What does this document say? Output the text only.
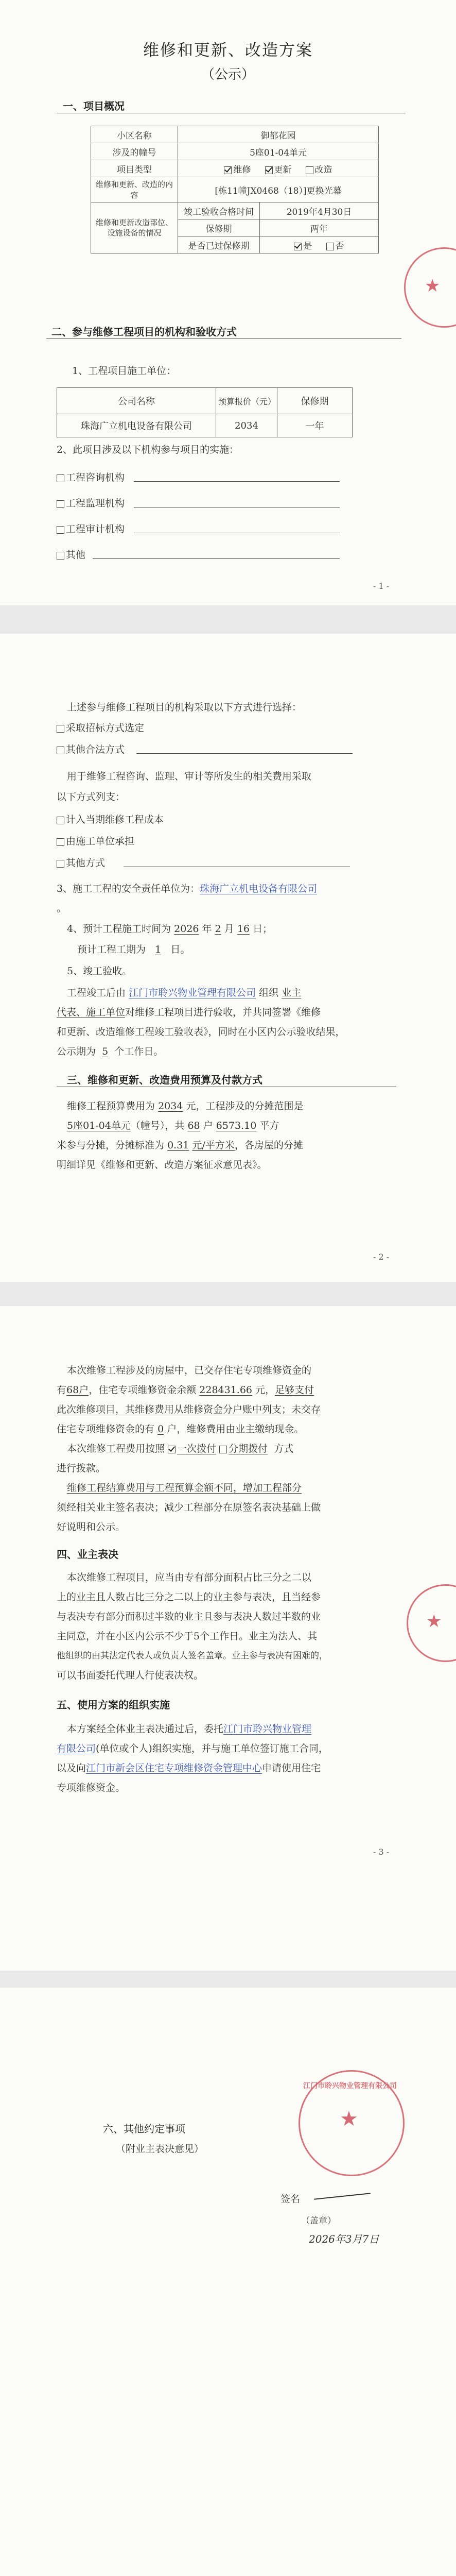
维修和更新、改造方案
（公示）
一、项目概况
小区名称	御都花园	
涉及的幢号	5座01-04单元	
项目类型	维修 更新 改造	
维修和更新、改造的内容	[栋11幢JX0468（18）]更换光幕	
维修和更新改造部位、设施设备的情况	竣工验收合格时间	2019年4月30日
	保修期	两年
	是否已过保修期	是 否
★
二、参与维修工程项目的机构和验收方式
1、工程项目施工单位：
公司名称	预算报价（元）	保修期
珠海广立机电设备有限公司	2034	一年
2、此项目涉及以下机构参与项目的实施：
工程咨询机构
工程监理机构
工程审计机构
其他
- 1 -
上述参与维修工程项目的机构采取以下方式进行选择：
采取招标方式选定
其他合法方式
用于维修工程咨询、监理、审计等所发生的相关费用采取
以下方式列支：
计入当期维修工程成本
由施工单位承担
其他方式
3、施工工程的安全责任单位为：珠海广立机电设备有限公司
。
4、预计工程施工时间为 2026 年 2 月 16 日；
预计工程工期为 1 日。
5、竣工验收。
工程竣工后由 江门市聆兴物业管理有限公司 组织 业主
代表、施工单位对维修工程项目进行验收，并共同签署《维修
和更新、改造维修工程竣工验收表》，同时在小区内公示验收结果，
公示期为 5 个工作日。
三、维修和更新、改造费用预算及付款方式
维修工程预算费用为 2034 元，工程涉及的分摊范围是
5座01-04单元（幢号），共 68 户 6573.10 平方
米参与分摊，分摊标准为 0.31 元/平方米，各房屋的分摊
明细详见《维修和更新、改造方案征求意见表》。
- 2 -
本次维修工程涉及的房屋中，已交存住宅专项维修资金的
有68户，住宅专项维修资金余额 228431.66 元，足够支付
此次维修项目，其维修费用从维修资金分户账中列支；未交存
住宅专项维修资金的有 0 户，维修费用由业主缴纳现金。
本次维修工程费用按照 一次拨付 分期拨付 方式
进行拨款。
维修工程结算费用与工程预算金额不同，增加工程部分
须经相关业主签名表决；减少工程部分在原签名表决基础上做
好说明和公示。
四、业主表决
本次维修工程项目，应当由专有部分面积占比三分之二以
上的业主且人数占比三分之二以上的业主参与表决，且当经参
与表决专有部分面积过半数的业主且参与表决人数过半数的业
主同意，并在小区内公示不少于5个工作日。业主为法人、其
他组织的由其法定代表人或负责人签名盖章。业主参与表决有困难的，
可以书面委托代理人行使表决权。
★
五、使用方案的组织实施
本方案经全体业主表决通过后，委托江门市聆兴物业管理
有限公司(单位或个人)组织实施，并与施工单位签订施工合同，
以及向江门市新会区住宅专项维修资金管理中心申请使用住宅
专项维修资金。
- 3 -
六、其他约定事项
（附业主表决意见）
★
江门市聆兴物业管理有限公司
签名
（盖章）
2026年3月7日
